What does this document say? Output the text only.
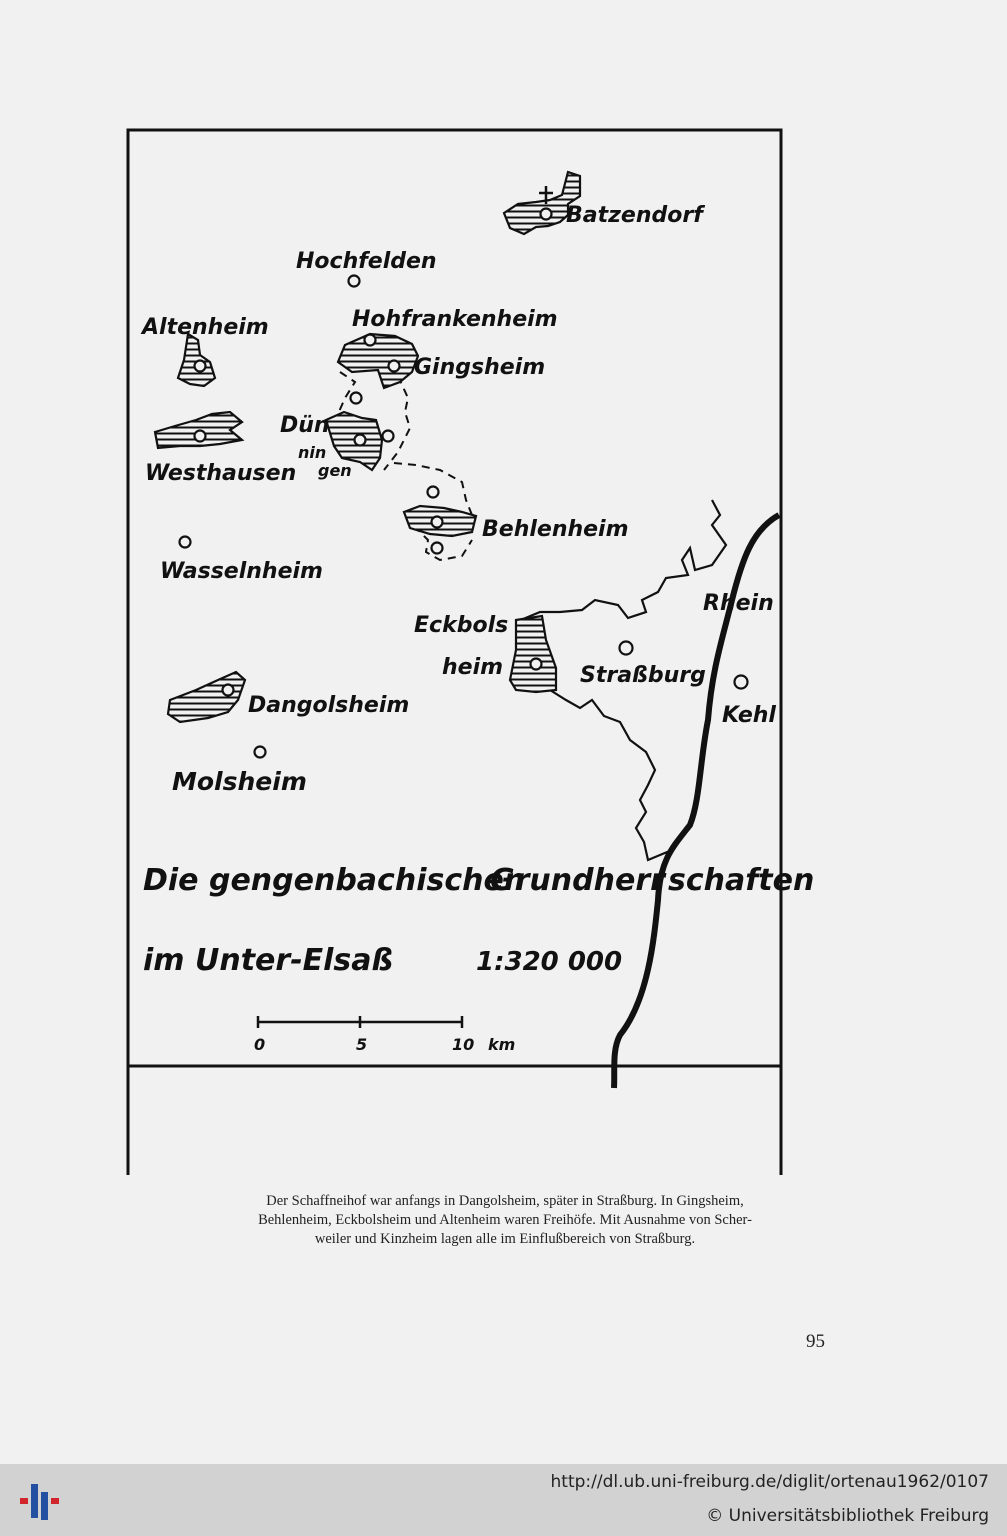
Batzendorf
Hochfelden
Altenheim	Hohfrankenheim
Gingsheim
Dün
nin
gen
Westhausen
Behlenheim
Wasselnheim
Eckbols
heim	Straßburg
Kehl
Rhein
Dangolsheim
Molsheim
Die gengenbachischen
Grundherr schaften
im Unter-Elsaß	1:320 000
0	5	10 km
Der Schaffneihof war anfangs in Dangolsheim, später in Straßburg. In Gingsheim,
Behlenheim, Eckbolsheim und Altenheim waren Freihöfe. Mit Ausnahme von Scher-
weiler und Kinzheim lagen alle im Einflußbereich von Straßburg.
95
http://dl.ub.uni-freiburg.de/diglit/ortenau1962/0107
© Universitätsbibliothek Freiburg
